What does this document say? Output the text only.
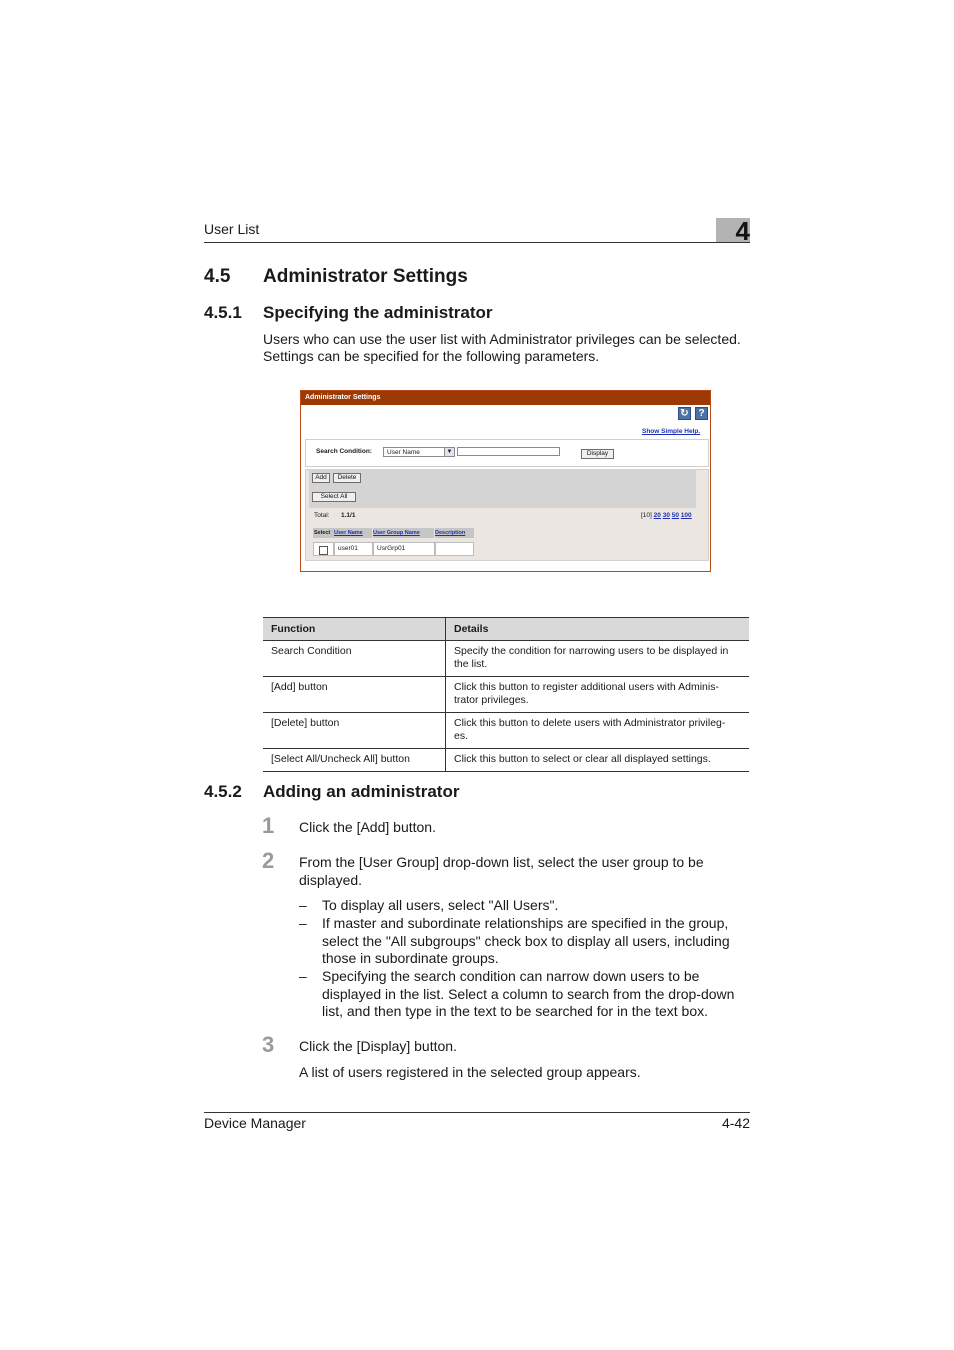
User List	4
4.5 Administrator Settings
4.5.1 Specifying the administrator
Users who can use the user list with Administrator privileges can be selected.
Settings can be specified for the following parameters.
Administrator Settings
↻ ?
Show Simple Help.
Search Condition: User Name	▼	Display
Add	Delete
Select All
Total: 1.1/1	[10] 20 30 50 100
Select User Name	User Group Name	Description
user01	UsrGrp01
Function	Details
Search Condition	Specify the condition for narrowing users to be displayed in
the list.
[Add] button	Click this button to register additional users with Adminis-
trator privileges.
[Delete] button	Click this button to delete users with Administrator privileg-
es.
[Select All/Uncheck All] button	Click this button to select or clear all displayed settings.
4.5.2 Adding an administrator
1 Click the [Add] button.
2 From the [User Group] drop-down list, select the user group to be
displayed.
– To display all users, select "All Users".
– If master and subordinate relationships are specified in the group,
select the "All subgroups" check box to display all users, including
those in subordinate groups.
– Specifying the search condition can narrow down users to be
displayed in the list. Select a column to search from the drop-down
list, and then type in the text to be searched for in the text box.
3 Click the [Display] button.
A list of users registered in the selected group appears.
Device Manager	4-42
